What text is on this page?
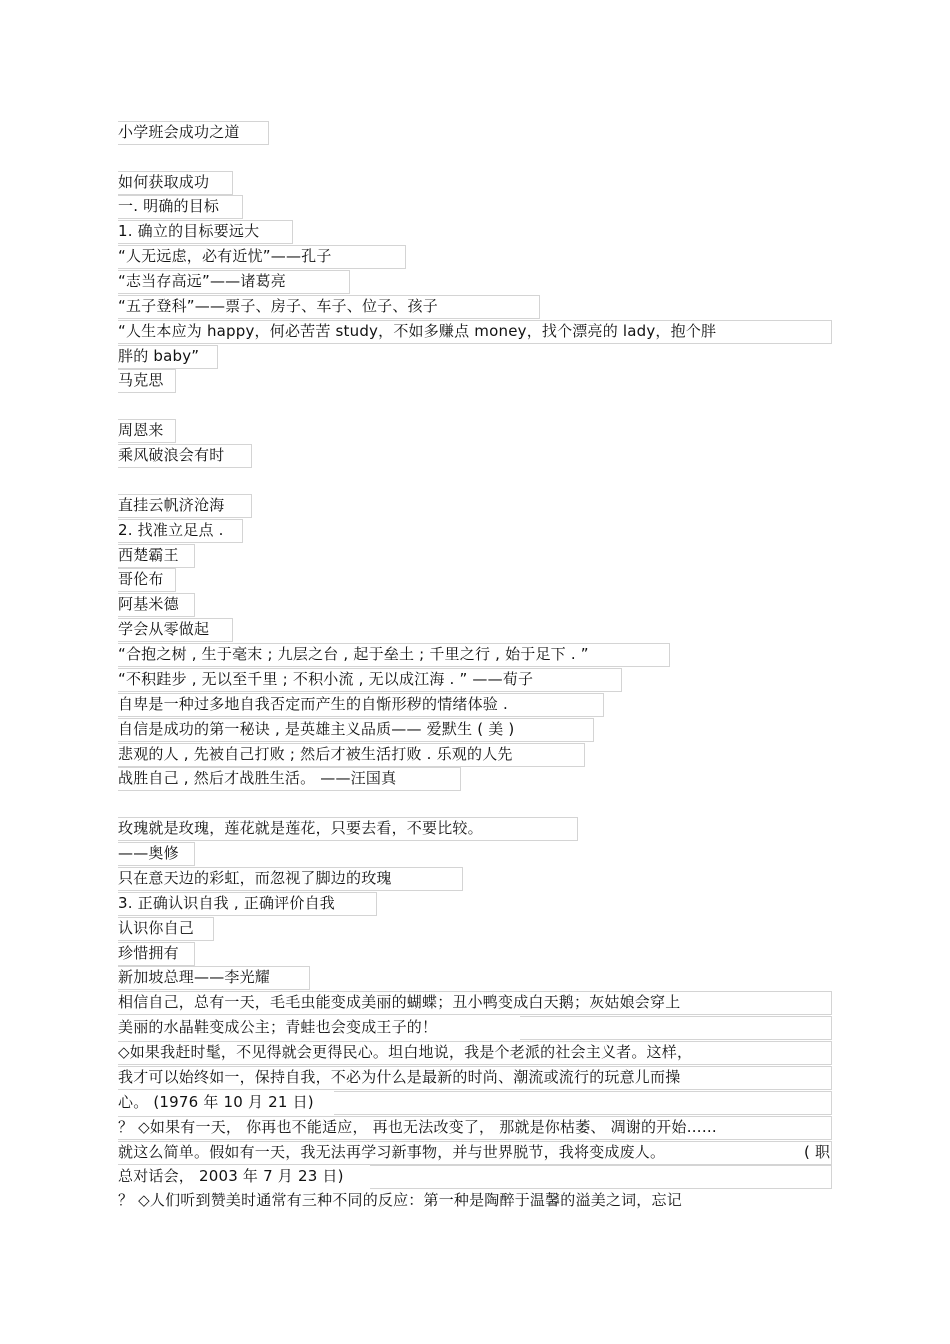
小学班会成功之道
如何获取成功
一. 明确的目标
1. 确立的目标要远大
“人无远虑，必有近忧”——孔子
“志当存高远”——诸葛亮
“五子登科”——票子、房子、车子、位子、孩子
“人生本应为 happy，何必苦苦 study，不如多赚点 money，找个漂亮的 lady，抱个胖
胖的 baby”
马克思
周恩来
乘风破浪会有时
直挂云帆济沧海
2. 找准立足点 .
西楚霸王
哥伦布
阿基米德
学会从零做起
“合抱之树 , 生于毫末 ; 九层之台 , 起于垒土 ; 千里之行 , 始于足下 . ”
“不积跬步 , 无以至千里 ; 不积小流 , 无以成江海 . ” ——荀子
自卑是一种过多地自我否定而产生的自惭形秽的情绪体验 .
自信是成功的第一秘诀 , 是英雄主义品质—— 爱默生 ( 美 )
悲观的人 , 先被自己打败 ; 然后才被生活打败 . 乐观的人先
战胜自己 , 然后才战胜生活。 ——汪国真
玫瑰就是玫瑰，莲花就是莲花，只要去看，不要比较。
——奥修
只在意天边的彩虹，而忽视了脚边的玫瑰
3. 正确认识自我 , 正确评价自我
认识你自己
珍惜拥有
新加坡总理——李光耀
相信自己，总有一天，毛毛虫能变成美丽的蝴蝶；丑小鸭变成白天鹅；灰姑娘会穿上
美丽的水晶鞋变成公主；青蛙也会变成王子的！
◇如果我赶时髦，不见得就会更得民心。坦白地说，我是个老派的社会主义者。这样，
我才可以始终如一，保持自我，不必为什么是最新的时尚、潮流或流行的玩意儿而操
心。 (1976 年 10 月 21 日)
？ ◇如果有一天， 你再也不能适应， 再也无法改变了， 那就是你枯萎、 凋谢的开始……
就这么简单。假如有一天，我无法再学习新事物，并与世界脱节，我将变成废人。	( 职
总对话会， 2003 年 7 月 23 日)
？ ◇人们听到赞美时通常有三种不同的反应：第一种是陶醉于温馨的溢美之词，忘记
